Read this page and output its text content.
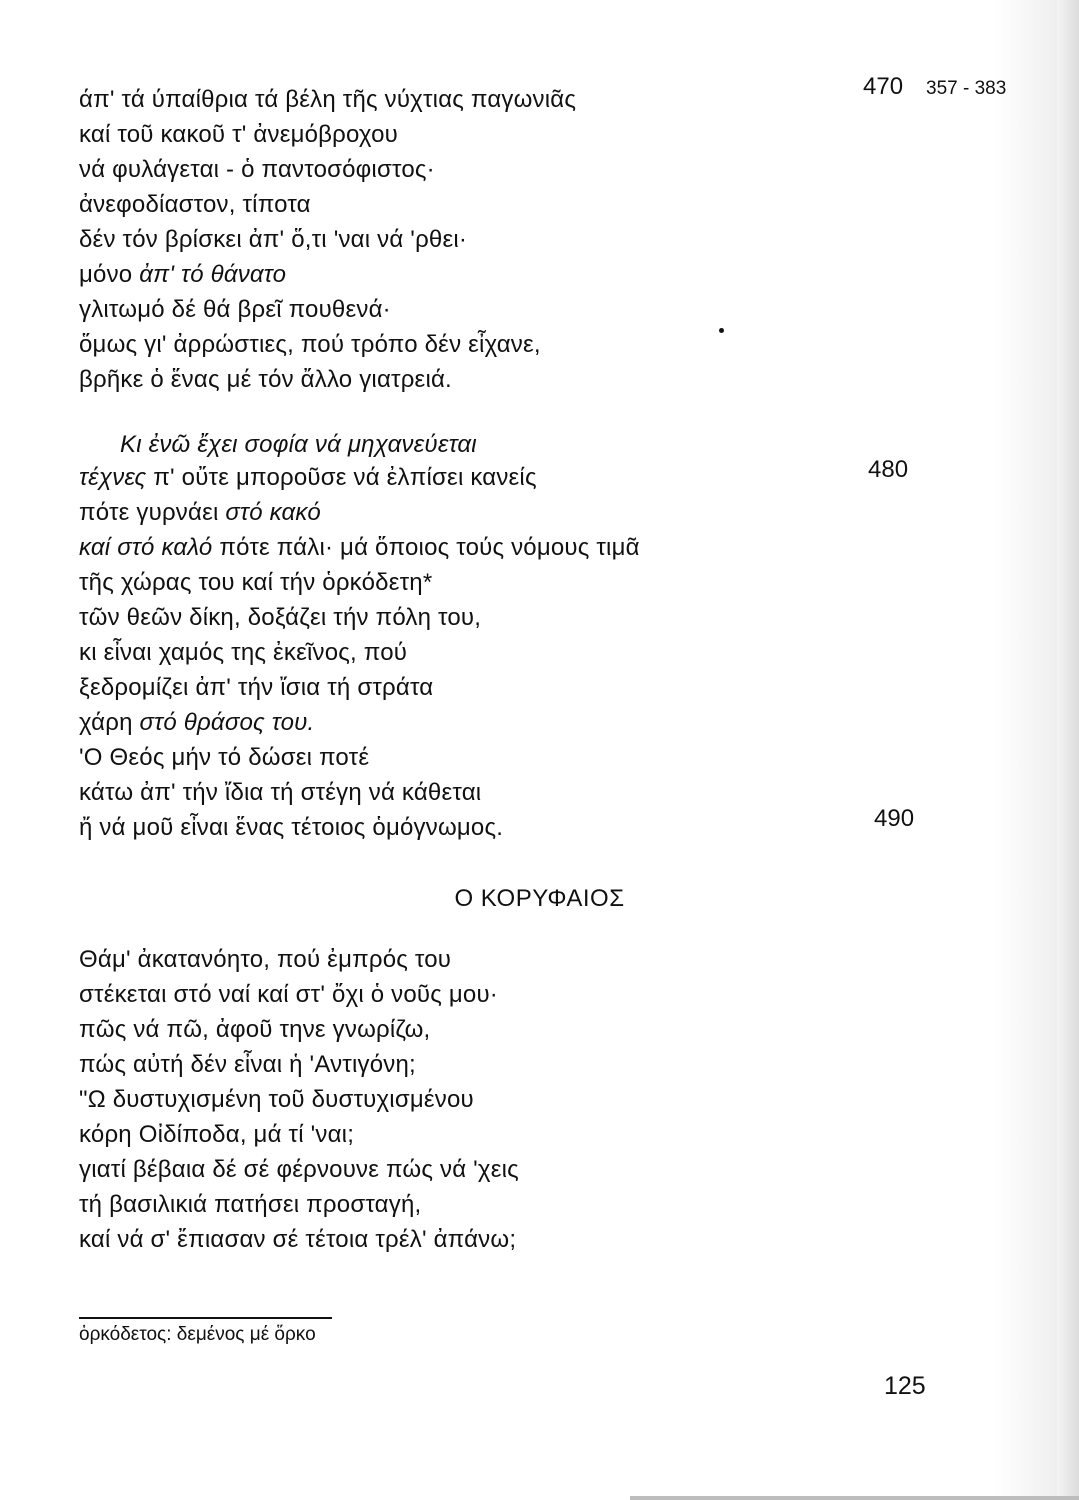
470 357 - 383
480
490
άπ' τά ύπαίθρια τά βέλη τῆς νύχτιας παγωνιᾶς
καί τοῦ κακοῦ τ' ἀνεμόβροχου
νά φυλάγεται - ὁ παντοσόφιστος·
ἀνεφοδίαστον, τίποτα
δέν τόν βρίσκει ἀπ' ὅ,τι 'ναι νά 'ρθει·
μόνο ἀπ' τό θάνατο
γλιτωμό δέ θά βρεῖ πουθενά·
ὅμως γι' ἀρρώστιες, πού τρόπο δέν εἶχανε,
βρῆκε ὁ ἕνας μέ τόν ἄλλο γιατρειά.
Κι ἐνῶ ἔχει σοφία νά μηχανεύεται
τέχνες π' οὔτε μποροῦσε νά ἐλπίσει κανείς
πότε γυρνάει στό κακό
καί στό καλό πότε πάλι· μά ὅποιος τούς νόμους τιμᾶ
τῆς χώρας του καί τήν ὁρκόδετη*
τῶν θεῶν δίκη, δοξάζει τήν πόλη του,
κι εἶναι χαμός της ἐκεῖνος, πού
ξεδρομίζει ἀπ' τήν ἴσια τή στράτα
χάρη στό θράσος του.
'Ο Θεός μήν τό δώσει ποτέ
κάτω ἀπ' τήν ἴδια τή στέγη νά κάθεται
ἤ νά μοῦ εἶναι ἕνας τέτοιος ὁμόγνωμος.
Ο ΚΟΡΥΦΑΙΟΣ
Θάμ' ἀκατανόητο, πού ἐμπρός του
στέκεται στό ναί καί στ' ὄχι ὁ νοῦς μου·
πῶς νά πῶ, ἀφοῦ τηνε γνωρίζω,
πώς αὐτή δέν εἶναι ἡ 'Αντιγόνη;
"Ω δυστυχισμένη τοῦ δυστυχισμένου
κόρη Οἰδίποδα, μά τί 'ναι;
γιατί βέβαια δέ σέ φέρνουνε πώς νά 'χεις
τή βασιλικιά πατήσει προσταγή,
καί νά σ' ἔπιασαν σέ τέτοια τρέλ' ἀπάνω;
ὁρκόδετος: δεμένος μέ ὅρκο
125
